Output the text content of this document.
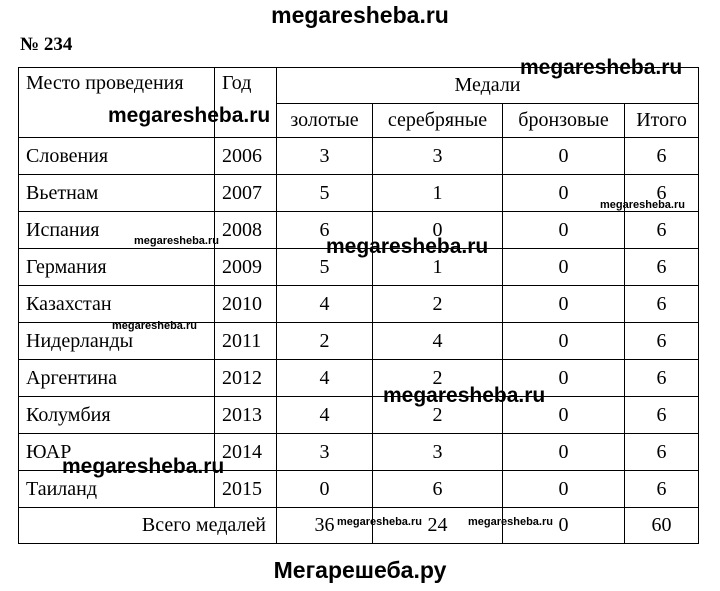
megaresheba.ru
№ 234
Место проведения	Год	Медали			
		золотые	серебряные	бронзовые	Итого
Словения	2006	3	3	0	6
Вьетнам	2007	5	1	0	6
Испания	2008	6	0	0	6
Германия	2009	5	1	0	6
Казахстан	2010	4	2	0	6
Нидерланды	2011	2	4	0	6
Аргентина	2012	4	2	0	6
Колумбия	2013	4	2	0	6
ЮАР	2014	3	3	0	6
Таиланд	2015	0	6	0	6
Всего медалей		36	24	0	60
megaresheba.ru
megaresheba.ru
megaresheba.ru
megaresheba.ru	megaresheba.ru
megaresheba.ru
megaresheba.ru
megaresheba.ru
megaresheba.ru	megaresheba.ru
Мегарешеба.ру
